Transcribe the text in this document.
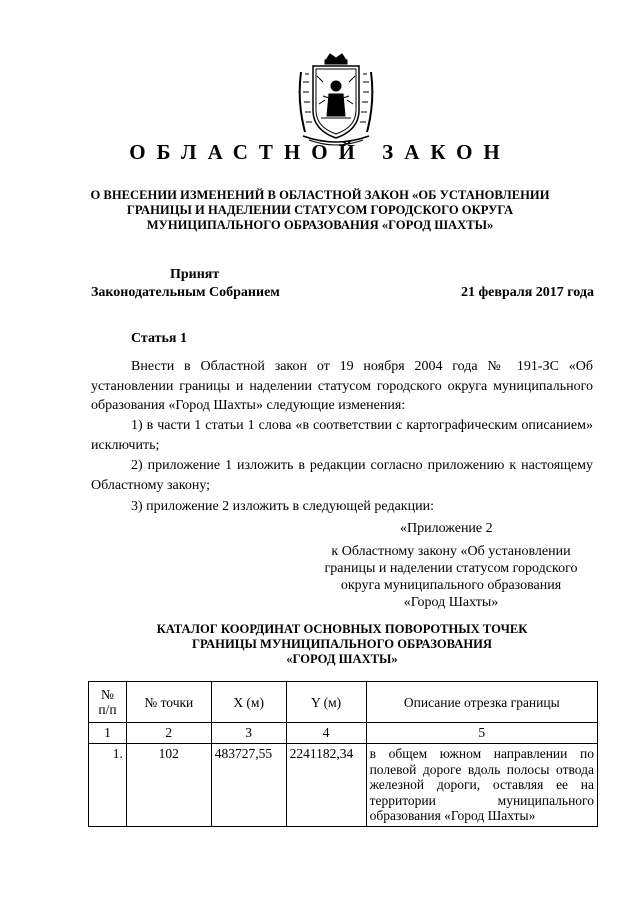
ОБЛАСТНОЙ ЗАКОН
О ВНЕСЕНИИ ИЗМЕНЕНИЙ В ОБЛАСТНОЙ ЗАКОН «ОБ УСТАНОВЛЕНИИ
ГРАНИЦЫ И НАДЕЛЕНИИ СТАТУСОМ ГОРОДСКОГО ОКРУГА
МУНИЦИПАЛЬНОГО ОБРАЗОВАНИЯ «ГОРОД ШАХТЫ»
Принят
Законодательным Собранием	21 февраля 2017 года
Статья 1
Внести в Областной закон от 19 ноября 2004 года № 191-ЗС «Об установлении границы и наделении статусом городского округа муниципального образования «Город Шахты» следующие изменения:
1) в части 1 статьи 1 слова «в соответствии с картографическим описанием» исключить;
2) приложение 1 изложить в редакции согласно приложению к настоящему Областному закону;
3) приложение 2 изложить в следующей редакции:
«Приложение 2
к Областному закону «Об установлении
границы и наделении статусом городского
округа муниципального образования
«Город Шахты»
КАТАЛОГ КООРДИНАТ ОСНОВНЫХ ПОВОРОТНЫХ ТОЧЕК
ГРАНИЦЫ МУНИЦИПАЛЬНОГО ОБРАЗОВАНИЯ
«ГОРОД ШАХТЫ»
№
п/п	№ точки	X (м)	Y (м)	Описание отрезка границы
1	2	3	4	5
1.	102	483727,55	2241182,34	в общем южном направлении по полевой дороге вдоль полосы отвода железной дороги, оставляя ее на территории муниципального образования «Город Шахты»
